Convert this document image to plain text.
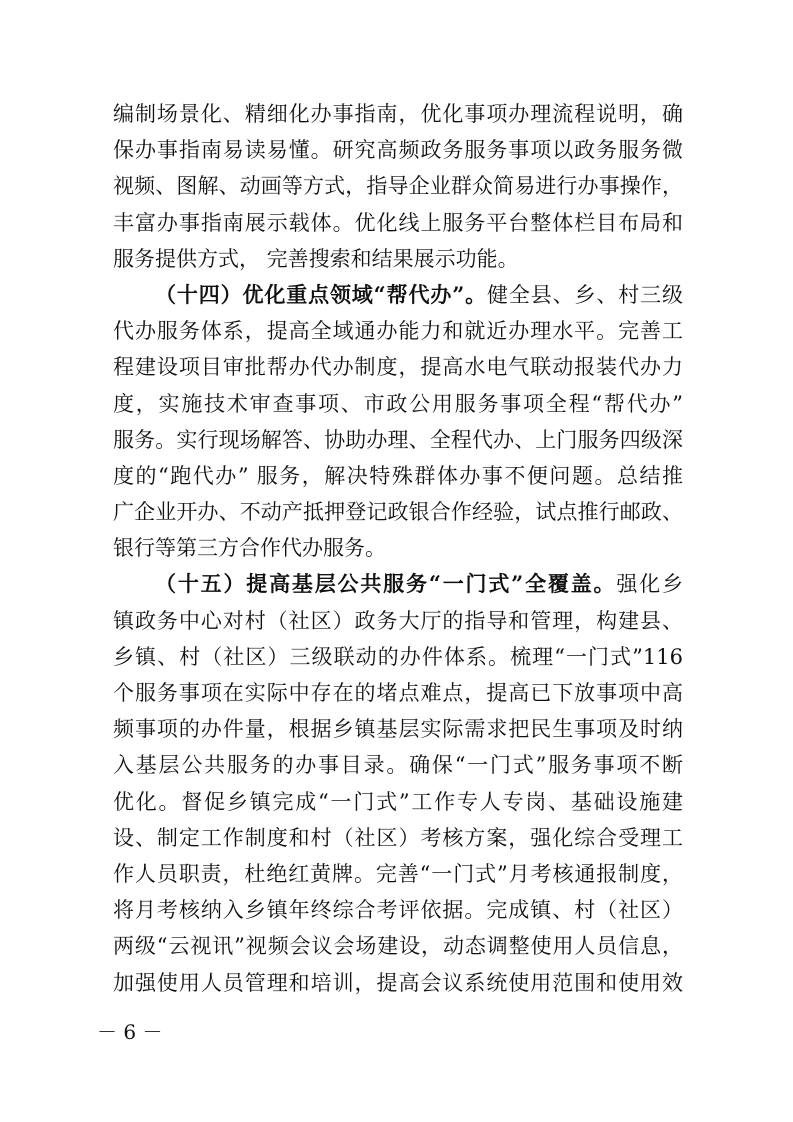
编制场景化、精细化办事指南，优化事项办理流程说明，确
保办事指南易读易懂。研究高频政务服务事项以政务服务微
视频、图解、动画等方式，指导企业群众简易进行办事操作，
丰富办事指南展示载体。优化线上服务平台整体栏目布局和
服务提供方式， 完善搜索和结果展示功能。
（十四）优化重点领域“帮代办”。健全县、乡、村三级
代办服务体系，提高全域通办能力和就近办理水平。完善工
程建设项目审批帮办代办制度，提高水电气联动报装代办力
度，实施技术审查事项、市政公用服务事项全程“帮代办”
服务。实行现场解答、协助办理、全程代办、上门服务四级深
度的“跑代办” 服务，解决特殊群体办事不便问题。总结推
广企业开办、不动产抵押登记政银合作经验，试点推行邮政、
银行等第三方合作代办服务。
（十五）提高基层公共服务“一门式”全覆盖。强化乡
镇政务中心对村（社区）政务大厅的指导和管理，构建县、
乡镇、村（社区）三级联动的办件体系。梳理“一门式”116
个服务事项在实际中存在的堵点难点，提高已下放事项中高
频事项的办件量，根据乡镇基层实际需求把民生事项及时纳
入基层公共服务的办事目录。确保“一门式”服务事项不断
优化。督促乡镇完成“一门式”工作专人专岗、基础设施建
设、制定工作制度和村（社区）考核方案，强化综合受理工
作人员职责，杜绝红黄牌。完善“一门式”月考核通报制度，
将月考核纳入乡镇年终综合考评依据。完成镇、村（社区）
两级“云视讯”视频会议会场建设，动态调整使用人员信息，
加强使用人员管理和培训，提高会议系统使用范围和使用效
－ 6 －
